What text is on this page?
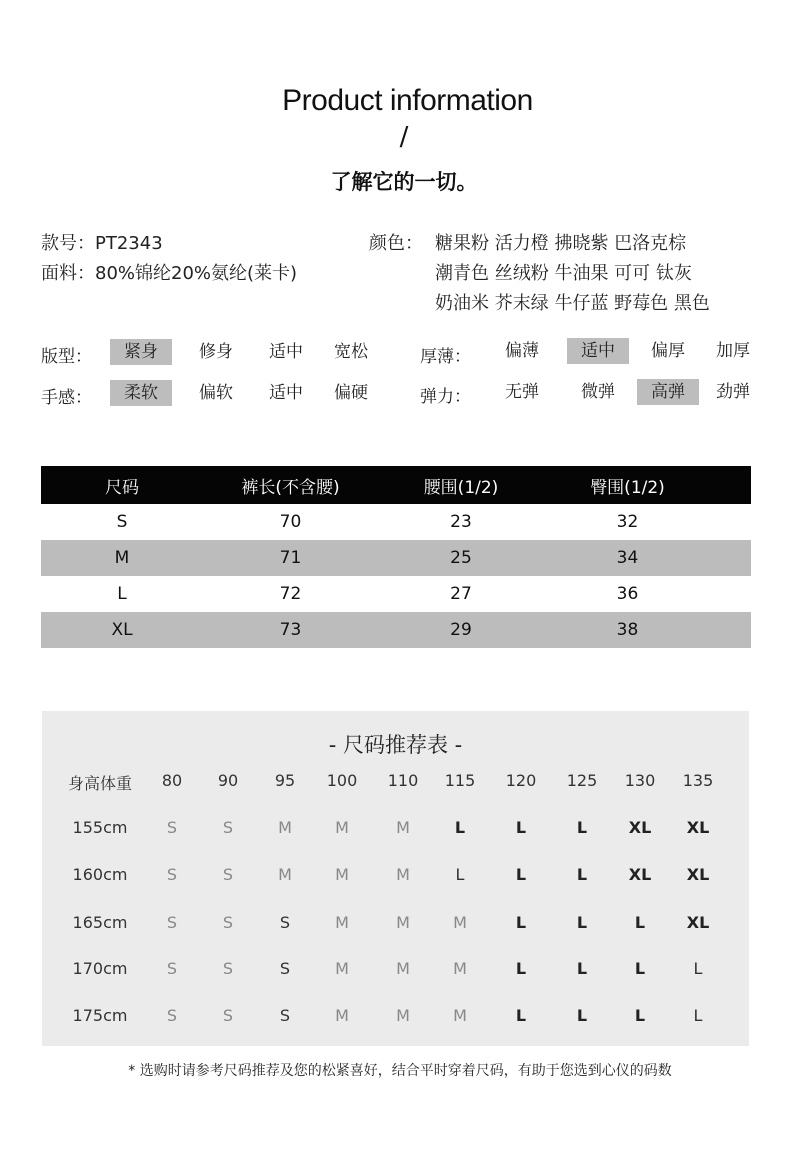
Product information
/
了解它的一切。
款号：PT2343
面料：80%锦纶20%氨纶(莱卡)
颜色： 糖果粉 活力橙 拂晓紫 巴洛克棕
潮青色 丝绒粉 牛油果 可可 钛灰
奶油米 芥末绿 牛仔蓝 野莓色 黑色
版型：	紧身	修身	适中	宽松	厚薄：	偏薄	适中	偏厚	加厚
手感：	柔软	偏软	适中	偏硬	弹力：	无弹	微弹	高弹	劲弹
尺码	裤长(不含腰)	腰围(1/2)	臀围(1/2)
S	70	23	32
M	71	25	34
L	72	27	36
XL	73	29	38
- 尺码推荐表 -
身高体重	80	90	95	100	110	115	120	125	130	135
155cm	S	S	M	M	M	L	L	L	XL	XL
160cm	S	S	M	M	M	L	L	L	XL	XL
165cm	S	S	S	M	M	M	L	L	L	XL
170cm	S	S	S	M	M	M	L	L	L	L
175cm	S	S	S	M	M	M	L	L	L	L
* 选购时请参考尺码推荐及您的松紧喜好，结合平时穿着尺码，有助于您选到心仪的码数
